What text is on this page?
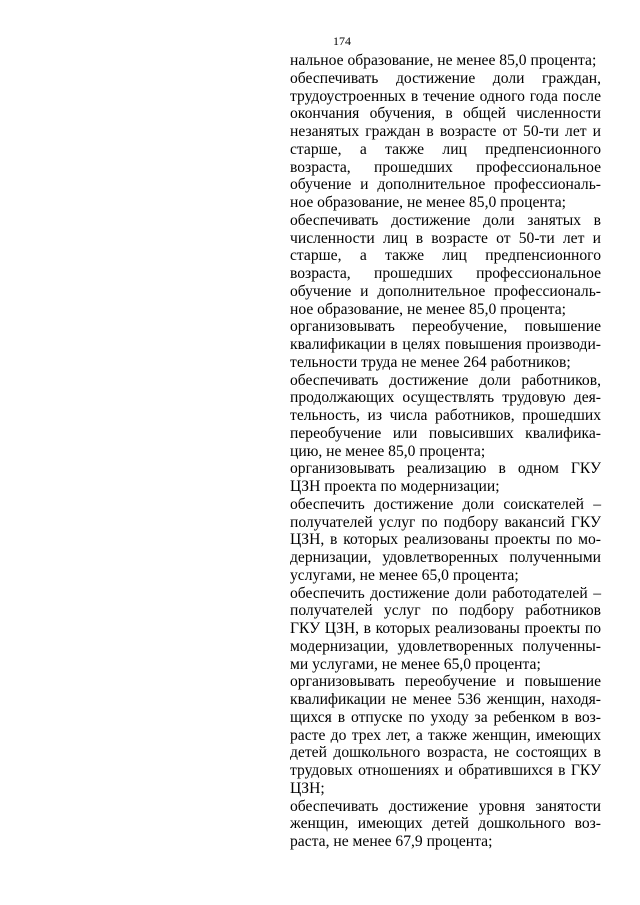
174
нальное образование, не менее 85,0 процента;
обеспечивать достижение доли граждан,
трудоустроенных в течение одного года после
окончания обучения, в общей численности
незанятых граждан в возрасте от 50-ти лет и
старше, а также лиц предпенсионного
возраста, прошедших профессиональное
обучение и дополнительное профессиональ-
ное образование, не менее 85,0 процента;
обеспечивать достижение доли занятых в
численности лиц в возрасте от 50-ти лет и
старше, а также лиц предпенсионного
возраста, прошедших профессиональное
обучение и дополнительное профессиональ-
ное образование, не менее 85,0 процента;
организовывать переобучение, повышение
квалификации в целях повышения производи-
тельности труда не менее 264 работников;
обеспечивать достижение доли работников,
продолжающих осуществлять трудовую дея-
тельность, из числа работников, прошедших
переобучение или повысивших квалифика-
цию, не менее 85,0 процента;
организовывать реализацию в одном ГКУ
ЦЗН проекта по модернизации;
обеспечить достижение доли соискателей –
получателей услуг по подбору вакансий ГКУ
ЦЗН, в которых реализованы проекты по мо-
дернизации, удовлетворенных полученными
услугами, не менее 65,0 процента;
обеспечить достижение доли работодателей –
получателей услуг по подбору работников
ГКУ ЦЗН, в которых реализованы проекты по
модернизации, удовлетворенных полученны-
ми услугами, не менее 65,0 процента;
организовывать переобучение и повышение
квалификации не менее 536 женщин, находя-
щихся в отпуске по уходу за ребенком в воз-
расте до трех лет, а также женщин, имеющих
детей дошкольного возраста, не состоящих в
трудовых отношениях и обратившихся в ГКУ
ЦЗН;
обеспечивать достижение уровня занятости
женщин, имеющих детей дошкольного воз-
раста, не менее 67,9 процента;
